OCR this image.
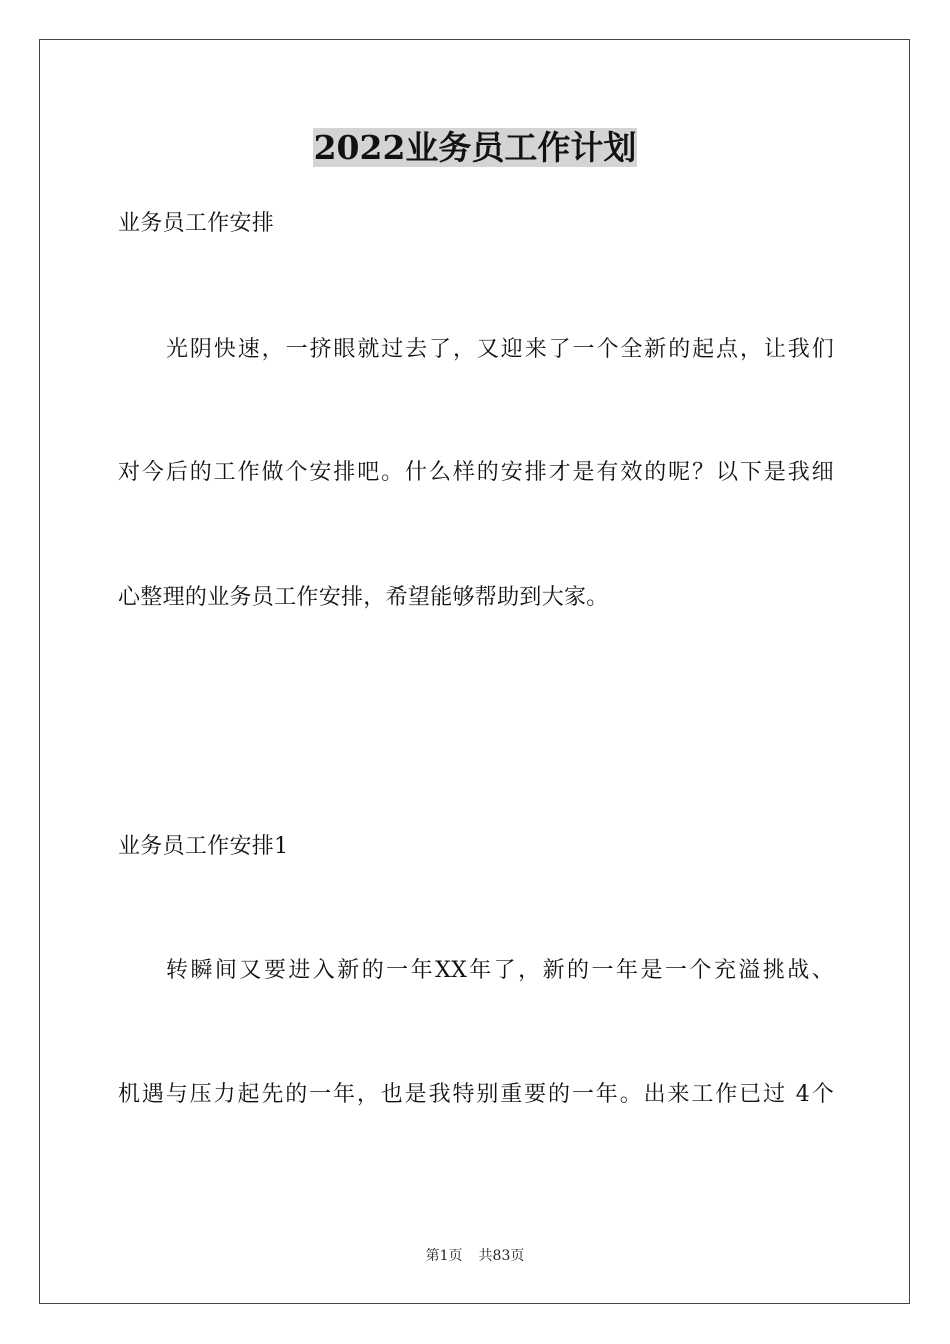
2022业务员工作计划
业务员工作安排
光阴快速，一挤眼就过去了，又迎来了一个全新的起点，让我们
对今后的工作做个安排吧。什么样的安排才是有效的呢？以下是我细
心整理的业务员工作安排，希望能够帮助到大家。
业务员工作安排1
转瞬间又要进入新的一年XX年了，新的一年是一个充溢挑战、
机遇与压力起先的一年，也是我特别重要的一年。出来工作已过 4个
第1页 共83页
